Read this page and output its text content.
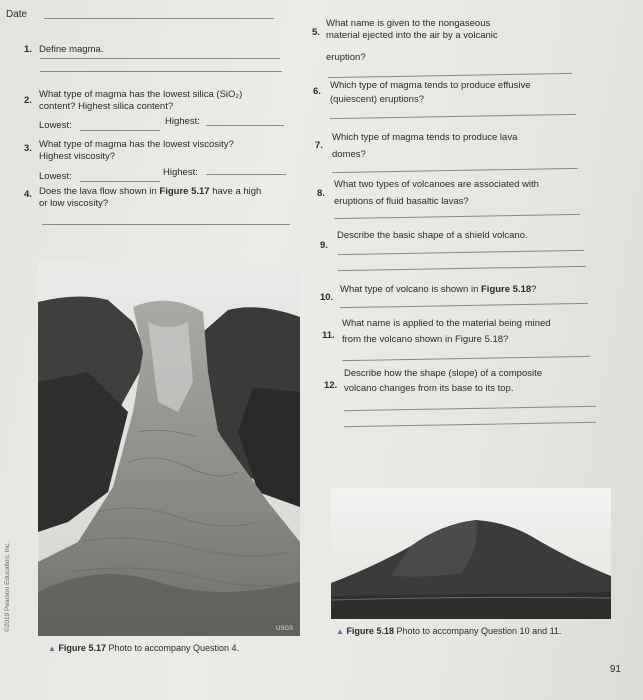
Date
1. Define magma.
2.
What type of magma has the lowest silica (SiO₂)
content? Highest silica content?
Lowest:	Highest:
3. What type of magma has the lowest viscosity?
Highest viscosity?
Lowest:	Highest:
4. Does the lava flow shown in Figure 5.17 have a high
or low viscosity?
USGS
▲ Figure 5.17 Photo to accompany Question 4.
5.
What name is given to the nongaseous
material ejected into the air by a volcanic
eruption?
6.
Which type of magma tends to produce effusive
(quiescent) eruptions?
7.
Which type of magma tends to produce lava
domes?
8.
What two types of volcanoes are associated with
eruptions of fluid basaltic lavas?
9.
Describe the basic shape of a shield volcano.
10.
What type of volcano is shown in Figure 5.18?
11.
What name is applied to the material being mined
from the volcano shown in Figure 5.18?
12.
Describe how the shape (slope) of a composite
volcano changes from its base to its top.
▲ Figure 5.18 Photo to accompany Question 10 and 11.
©2019 Pearson Education, Inc.
91
